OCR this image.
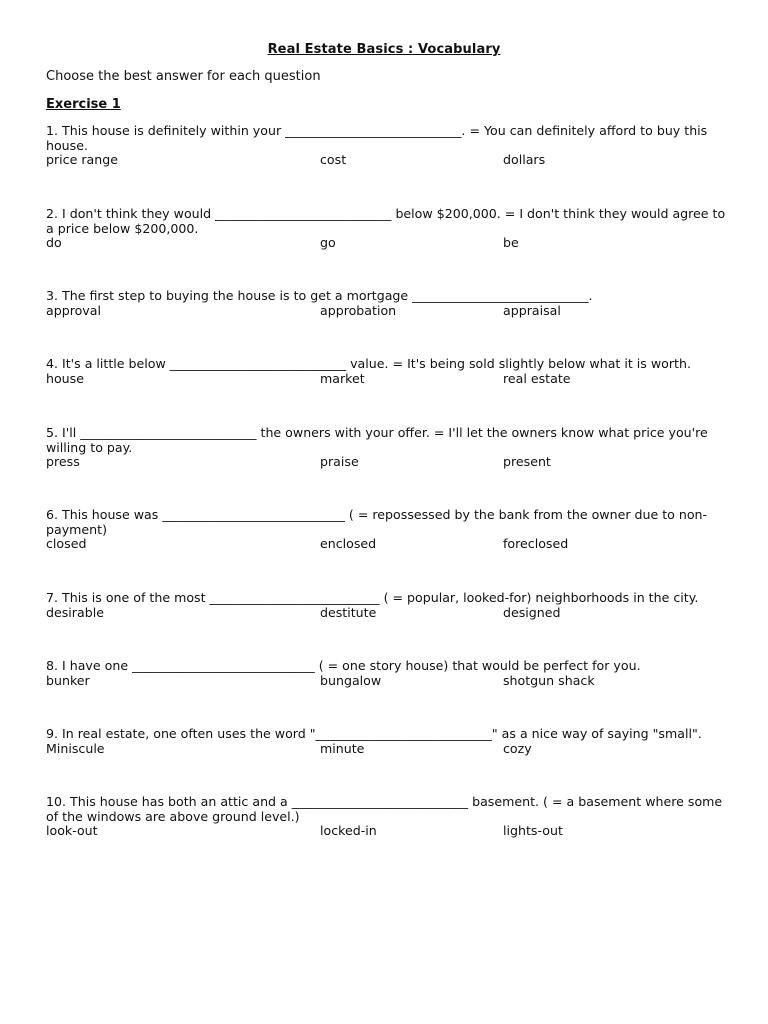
Real Estate Basics : Vocabulary
Choose the best answer for each question
Exercise 1

1. This house is definitely within your ____________________________. = You can definitely afford to buy this house.

price range	cost	dollars

2. I don't think they would ____________________________ below $200,000. = I don't think they would agree to a price below $200,000.

do	go	be

3. The first step to buying the house is to get a mortgage ____________________________.

approval	approbation	appraisal

4. It's a little below ____________________________ value. = It's being sold slightly below what it is worth.

house	market	real estate

5. I'll ____________________________ the owners with your offer. = I'll let the owners know what price you're willing to pay.

press	praise	present

6. This house was _____________________________ ( = repossessed by the bank from the owner due to non-payment)

closed	enclosed	foreclosed

7. This is one of the most ___________________________ ( = popular, looked-for) neighborhoods in the city.

desirable	destitute	designed

8. I have one _____________________________ ( = one story house) that would be perfect for you.

bunker	bungalow	shotgun shack

9. In real estate, one often uses the word "____________________________" as a nice way of saying "small".

Miniscule	minute	cozy

10. This house has both an attic and a ____________________________ basement. ( = a basement where some of the windows are above ground level.)

look-out	locked-in	lights-out
